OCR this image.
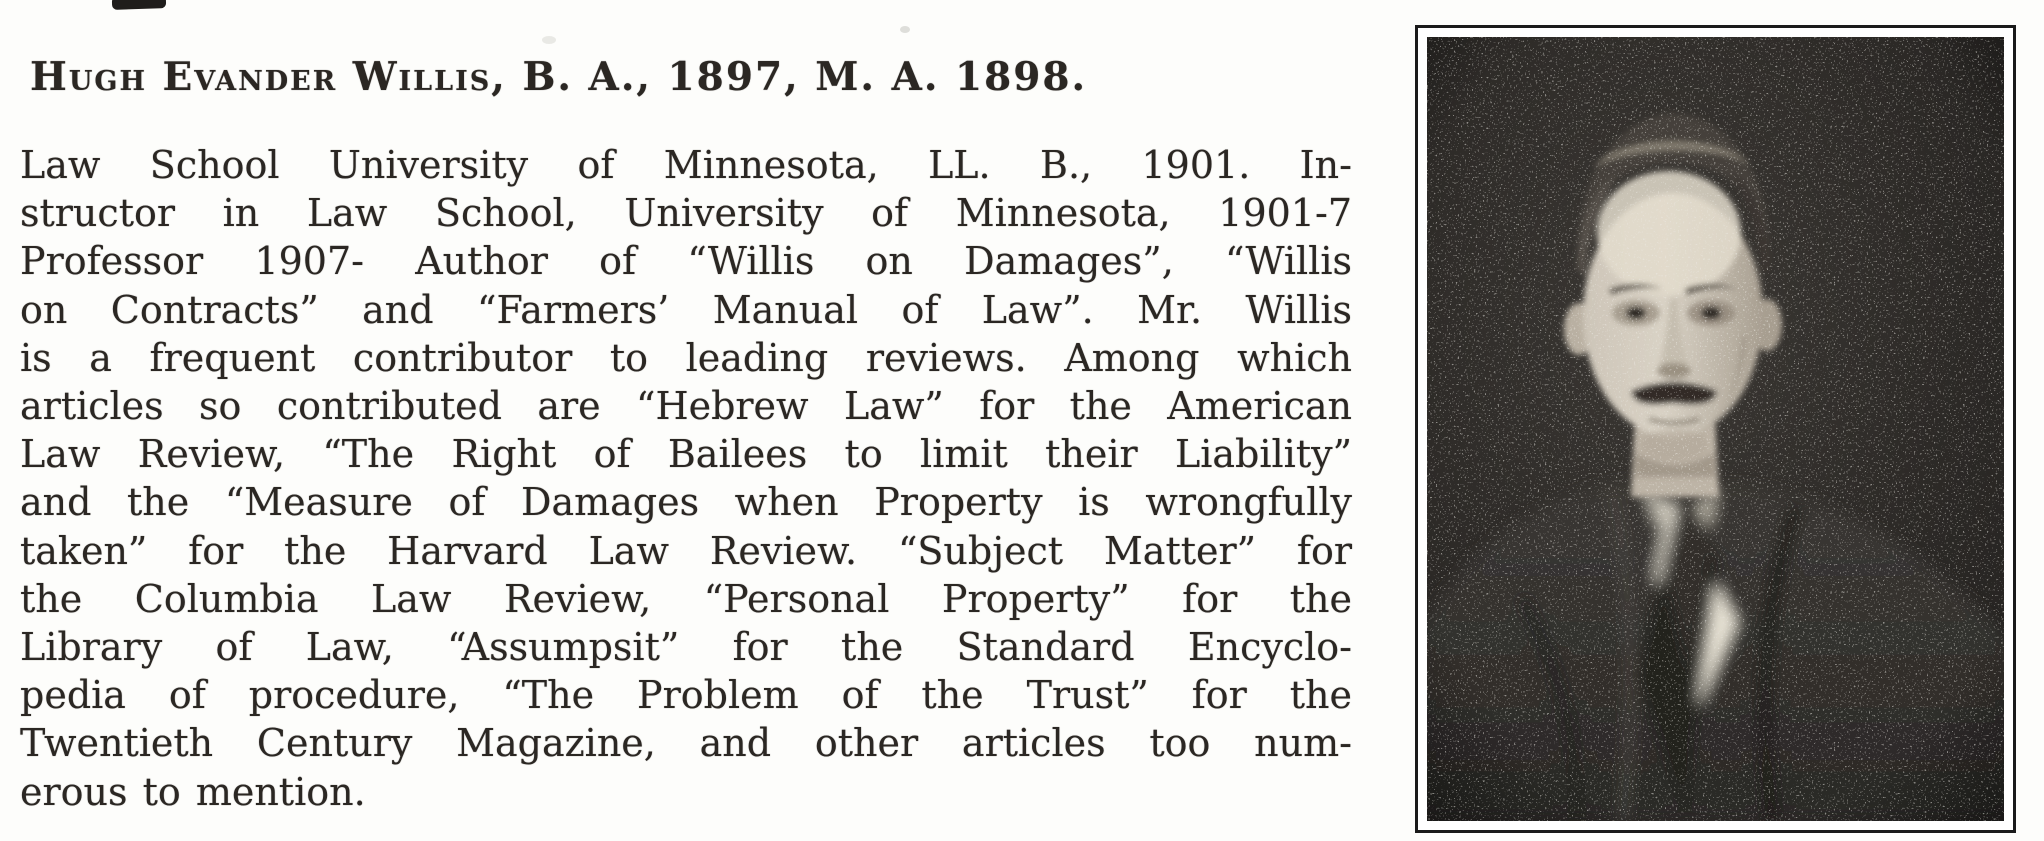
Hugh Evander Willis, B. A., 1897, M. A. 1898.
Law School University of Minnesota, LL. B., 1901. In-
structor in Law School, University of Minnesota, 1901-7
Professor 1907- Author of “Willis on Damages”, “Willis
on Contracts” and “Farmers’ Manual of Law”. Mr. Willis
is a frequent contributor to leading reviews. Among which
articles so contributed are “Hebrew Law” for the American
Law Review, “The Right of Bailees to limit their Liability”
and the “Measure of Damages when Property is wrongfully
taken” for the Harvard Law Review. “Subject Matter” for
the Columbia Law Review, “Personal Property” for the
Library of Law, “Assumpsit” for the Standard Encyclo-
pedia of procedure, “The Problem of the Trust” for the
Twentieth Century Magazine, and other articles too num-
erous to mention.
